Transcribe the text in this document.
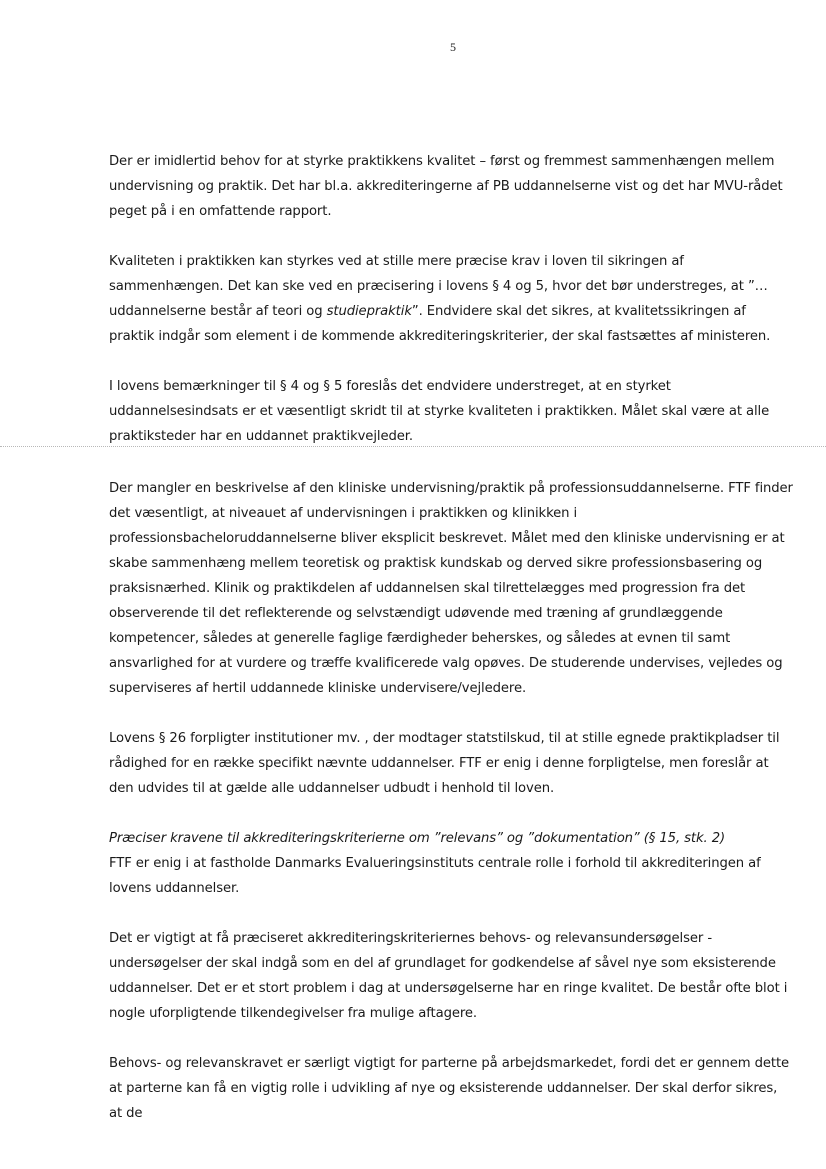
5

Der er imidlertid behov for at styrke praktikkens kvalitet – først og fremmest sammenhængen mellem undervisning og praktik. Det har bl.a. akkrediteringerne af PB uddannelserne vist og det har MVU-rådet peget på i en omfattende rapport.

Kvaliteten i praktikken kan styrkes ved at stille mere præcise krav i loven til sikringen af sammenhængen. Det kan ske ved en præcisering i lovens § 4 og 5, hvor det bør understreges, at ”… uddannelserne består af teori og studiepraktik”. Endvidere skal det sikres, at kvalitetssikringen af praktik indgår som element i de kommende akkrediteringskriterier, der skal fastsættes af ministeren.

I lovens bemærkninger til § 4 og § 5 foreslås det endvidere understreget, at en styrket uddannelsesindsats er et væsentligt skridt til at styrke kvaliteten i praktikken. Målet skal være at alle praktiksteder har en uddannet praktikvejleder.

Der mangler en beskrivelse af den kliniske undervisning/praktik på professionsuddannelserne. FTF finder det væsentligt, at niveauet af undervisningen i praktikken og klinikken i professionsbacheloruddannelserne bliver eksplicit beskrevet. Målet med den kliniske undervisning er at skabe sammenhæng mellem teoretisk og praktisk kundskab og derved sikre professionsbasering og praksisnærhed. Klinik og praktikdelen af uddannelsen skal tilrettelægges med progression fra det observerende til det reflekterende og selvstændigt udøvende med træning af grundlæggende kompetencer, således at generelle faglige færdigheder beherskes, og således at evnen til samt ansvarlighed for at vurdere og træffe kvalificerede valg opøves. De studerende undervises, vejledes og superviseres af hertil uddannede kliniske undervisere/vejledere.

Lovens § 26 forpligter institutioner mv. , der modtager statstilskud, til at stille egnede praktikpladser til rådighed for en række specifikt nævnte uddannelser. FTF er enig i denne forpligtelse, men foreslår at den udvides til at gælde alle uddannelser udbudt i henhold til loven.

Præciser kravene til akkrediteringskriterierne om ”relevans” og ”dokumentation” (§ 15, stk. 2)

FTF er enig i at fastholde Danmarks Evalueringsinstituts centrale rolle i forhold til akkrediteringen af lovens uddannelser.

Det er vigtigt at få præciseret akkrediteringskriteriernes behovs- og relevansundersøgelser - undersøgelser der skal indgå som en del af grundlaget for godkendelse af såvel nye som eksisterende uddannelser. Det er et stort problem i dag at undersøgelserne har en ringe kvalitet. De består ofte blot i nogle uforpligtende tilkendegivelser fra mulige aftagere.

Behovs- og relevanskravet er særligt vigtigt for parterne på arbejdsmarkedet, fordi det er gennem dette at parterne kan få en vigtig rolle i udvikling af nye og eksisterende uddannelser. Der skal derfor sikres, at de
